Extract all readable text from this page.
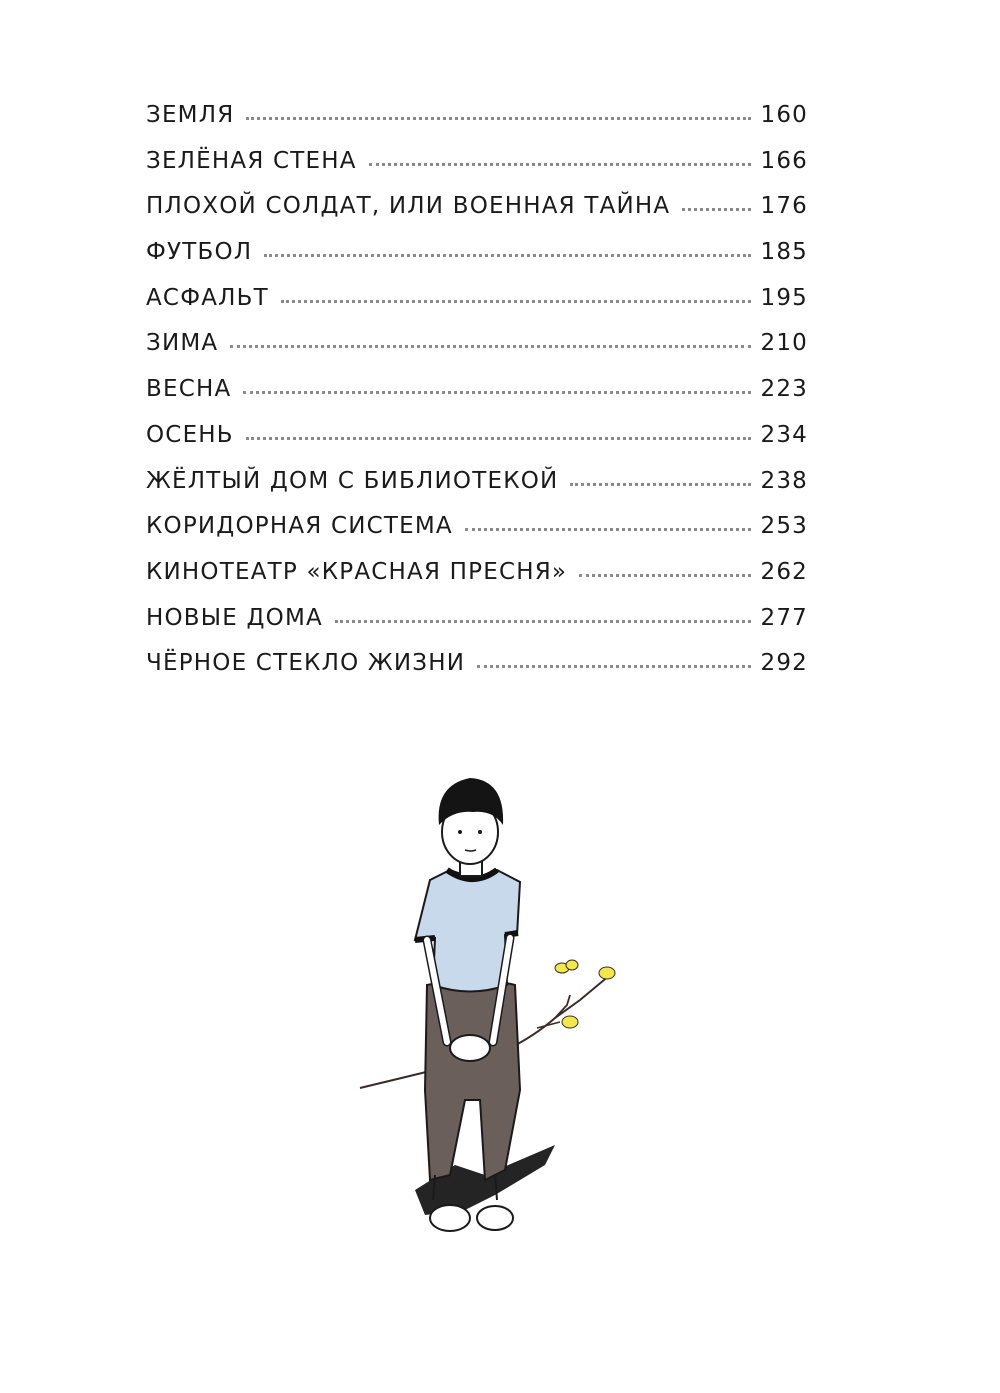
ЗЕМЛЯ	160
ЗЕЛЁНАЯ СТЕНА	166
ПЛОХОЙ СОЛДАТ, ИЛИ ВОЕННАЯ ТАЙНА	176
ФУТБОЛ	185
АСФАЛЬТ	195
ЗИМА	210
ВЕСНА	223
ОСЕНЬ	234
ЖЁЛТЫЙ ДОМ С БИБЛИОТЕКОЙ	238
КОРИДОРНАЯ СИСТЕМА	253
КИНОТЕАТР «КРАСНАЯ ПРЕСНЯ»	262
НОВЫЕ ДОМА	277
ЧЁРНОЕ СТЕКЛО ЖИЗНИ	292
